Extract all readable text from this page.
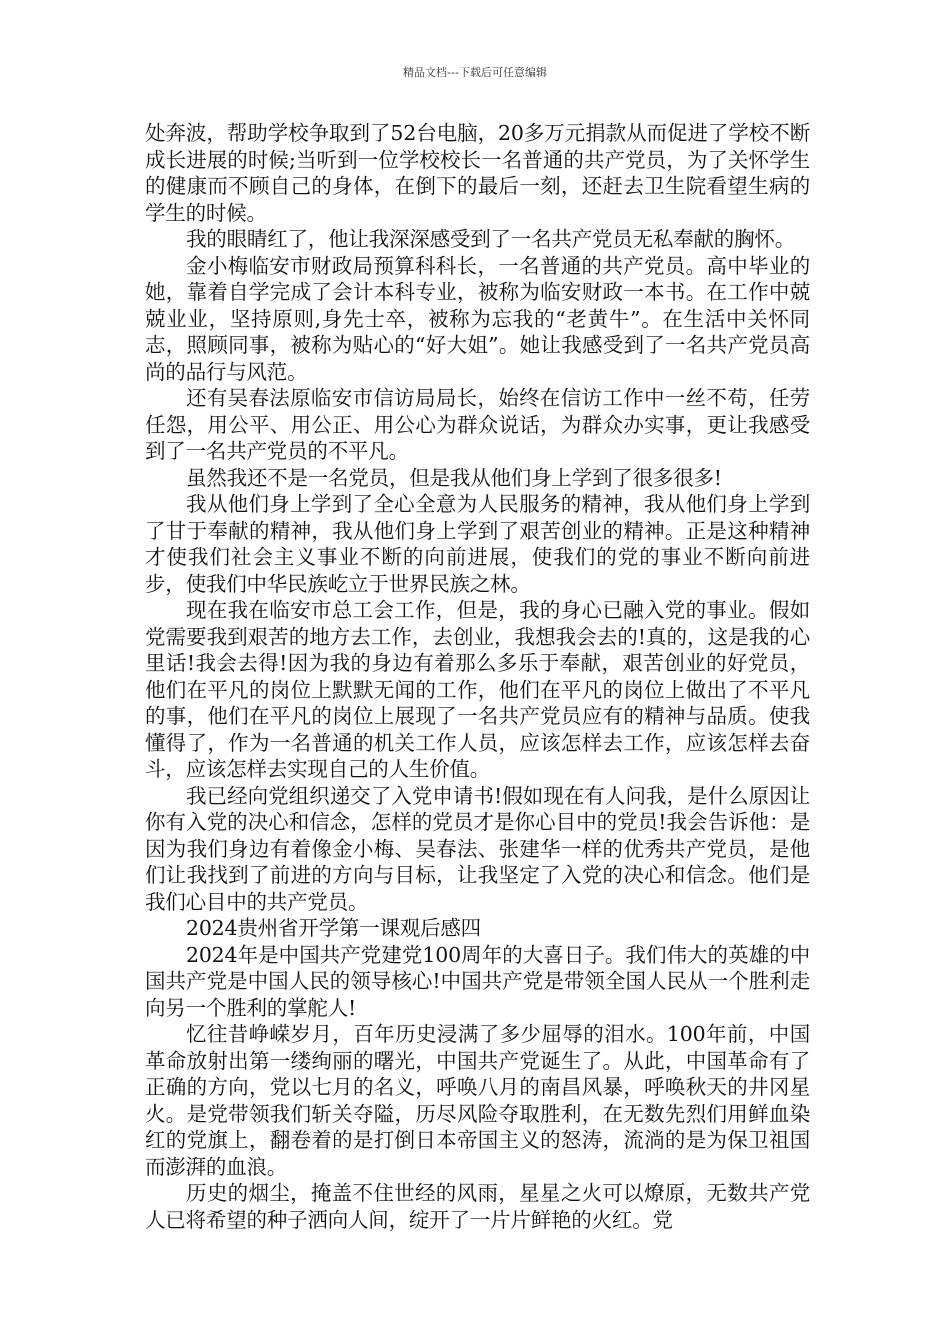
精品文档---下载后可任意编辑

处奔波，帮助学校争取到了52台电脑，20多万元捐款从而促进了学校不断成长进展的时候;当听到一位学校校长一名普通的共产党员，为了关怀学生的健康而不顾自己的身体，在倒下的最后一刻，还赶去卫生院看望生病的学生的时候。

我的眼睛红了，他让我深深感受到了一名共产党员无私奉献的胸怀。

金小梅临安市财政局预算科科长，一名普通的共产党员。高中毕业的她，靠着自学完成了会计本科专业，被称为临安财政一本书。在工作中兢兢业业，坚持原则,身先士卒，被称为忘我的“老黄牛”。在生活中关怀同志，照顾同事，被称为贴心的“好大姐”。她让我感受到了一名共产党员高尚的品行与风范。

还有吴春法原临安市信访局局长，始终在信访工作中一丝不苟，任劳任怨，用公平、用公正、用公心为群众说话，为群众办实事，更让我感受到了一名共产党员的不平凡。

虽然我还不是一名党员，但是我从他们身上学到了很多很多!

我从他们身上学到了全心全意为人民服务的精神，我从他们身上学到了甘于奉献的精神，我从他们身上学到了艰苦创业的精神。正是这种精神才使我们社会主义事业不断的向前进展，使我们的党的事业不断向前进步，使我们中华民族屹立于世界民族之林。

现在我在临安市总工会工作，但是，我的身心已融入党的事业。假如党需要我到艰苦的地方去工作，去创业，我想我会去的!真的，这是我的心里话!我会去得!因为我的身边有着那么多乐于奉献，艰苦创业的好党员，他们在平凡的岗位上默默无闻的工作，他们在平凡的岗位上做出了不平凡的事，他们在平凡的岗位上展现了一名共产党员应有的精神与品质。使我懂得了，作为一名普通的机关工作人员，应该怎样去工作，应该怎样去奋斗，应该怎样去实现自己的人生价值。

我已经向党组织递交了入党申请书!假如现在有人问我，是什么原因让你有入党的决心和信念，怎样的党员才是你心目中的党员!我会告诉他：是因为我们身边有着像金小梅、吴春法、张建华一样的优秀共产党员，是他们让我找到了前进的方向与目标，让我坚定了入党的决心和信念。他们是我们心目中的共产党员。

2024贵州省开学第一课观后感四

2024年是中国共产党建党100周年的大喜日子。我们伟大的英雄的中国共产党是中国人民的领导核心!中国共产党是带领全国人民从一个胜利走向另一个胜利的掌舵人!

忆往昔峥嵘岁月，百年历史浸满了多少屈辱的泪水。100年前，中国革命放射出第一缕绚丽的曙光，中国共产党诞生了。从此，中国革命有了正确的方向，党以七月的名义，呼唤八月的南昌风暴，呼唤秋天的井冈星火。是党带领我们斩关夺隘，历尽风险夺取胜利，在无数先烈们用鲜血染红的党旗上，翻卷着的是打倒日本帝国主义的怒涛，流淌的是为保卫祖国而澎湃的血浪。

历史的烟尘，掩盖不住世经的风雨，星星之火可以燎原，无数共产党人已将希望的种子洒向人间，绽开了一片片鲜艳的火红。党
